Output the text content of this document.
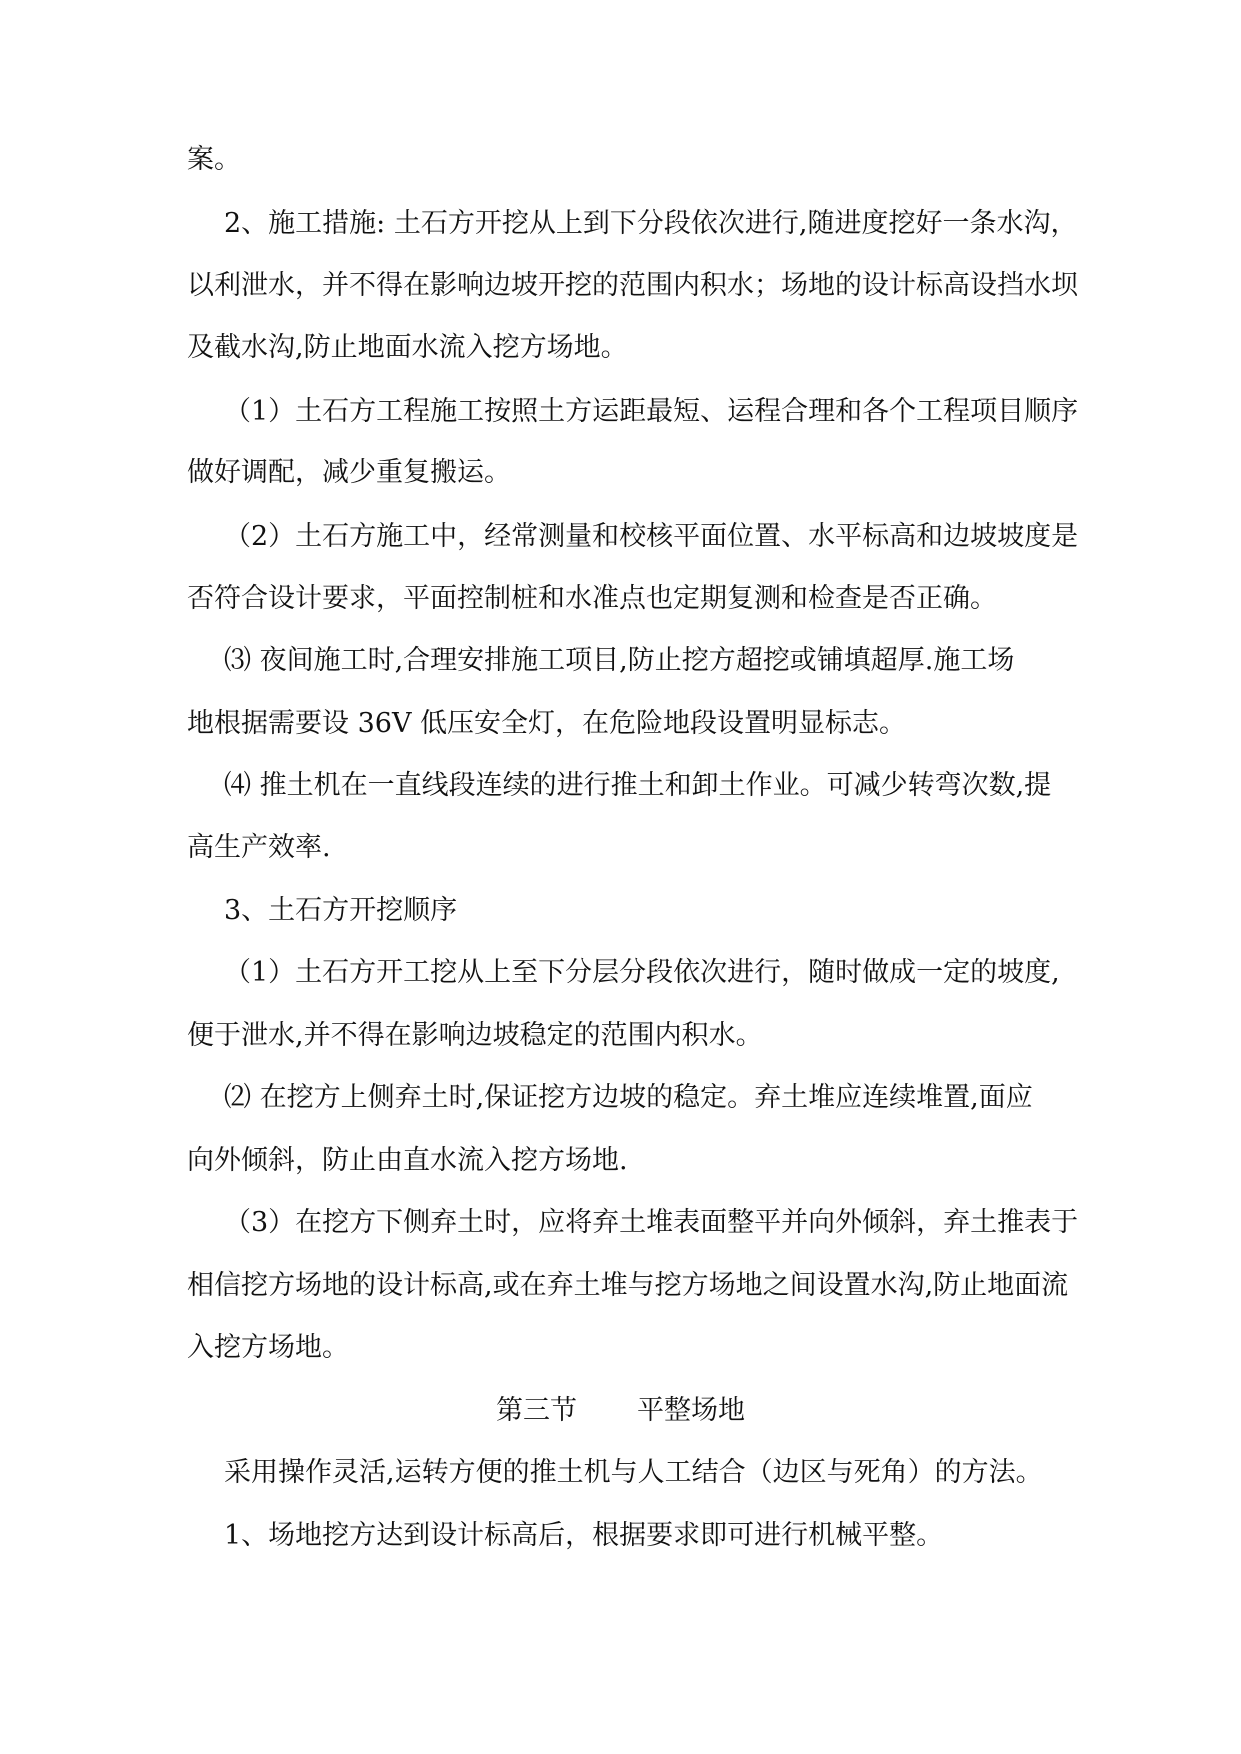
案。

2、施工措施: 土石方开挖从上到下分段依次进行,随进度挖好一条水沟，

以利泄水，并不得在影响边坡开挖的范围内积水；场地的设计标高设挡水坝

及截水沟,防止地面水流入挖方场地。

（1）土石方工程施工按照土方运距最短、运程合理和各个工程项目顺序

做好调配，减少重复搬运。

（2）土石方施工中，经常测量和校核平面位置、水平标高和边坡坡度是

否符合设计要求，平面控制桩和水准点也定期复测和检查是否正确。

⑶ 夜间施工时,合理安排施工项目,防止挖方超挖或铺填超厚.施工场

地根据需要设 36V 低压安全灯，在危险地段设置明显标志。

⑷ 推土机在一直线段连续的进行推土和卸土作业。可减少转弯次数,提

高生产效率.

3、土石方开挖顺序

（1）土石方开工挖从上至下分层分段依次进行，随时做成一定的坡度,

便于泄水,并不得在影响边坡稳定的范围内积水。

⑵ 在挖方上侧弃土时,保证挖方边坡的稳定。弃土堆应连续堆置,面应

向外倾斜，防止由直水流入挖方场地.

（3）在挖方下侧弃土时，应将弃土堆表面整平并向外倾斜，弃土推表于

相信挖方场地的设计标高,或在弃土堆与挖方场地之间设置水沟,防止地面流

入挖方场地。

第三节 平整场地

采用操作灵活,运转方便的推土机与人工结合（边区与死角）的方法。

1、场地挖方达到设计标高后，根据要求即可进行机械平整。
